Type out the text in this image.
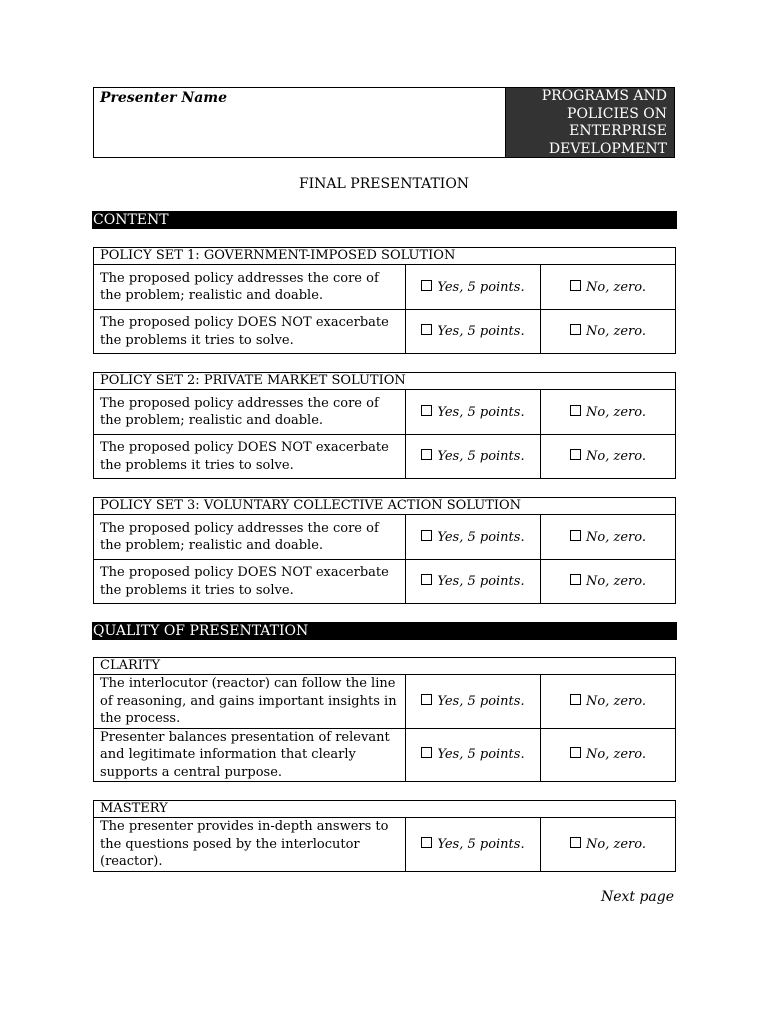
Presenter Name	PROGRAMS AND
POLICIES ON
ENTERPRISE
DEVELOPMENT
FINAL PRESENTATION
CONTENT
POLICY SET 1: GOVERNMENT-IMPOSED SOLUTION		
The proposed policy addresses the core of the problem; realistic and doable.	Yes, 5 points.	No, zero.
The proposed policy DOES NOT exacerbate the problems it tries to solve.	Yes, 5 points.	No, zero.
POLICY SET 2: PRIVATE MARKET SOLUTION		
The proposed policy addresses the core of the problem; realistic and doable.	Yes, 5 points.	No, zero.
The proposed policy DOES NOT exacerbate the problems it tries to solve.	Yes, 5 points.	No, zero.
POLICY SET 3: VOLUNTARY COLLECTIVE ACTION SOLUTION		
The proposed policy addresses the core of the problem; realistic and doable.	Yes, 5 points.	No, zero.
The proposed policy DOES NOT exacerbate the problems it tries to solve.	Yes, 5 points.	No, zero.
QUALITY OF PRESENTATION
CLARITY		
The interlocutor (reactor) can follow the line of reasoning, and gains important insights in the process.	Yes, 5 points.	No, zero.
Presenter balances presentation of relevant and legitimate information that clearly supports a central purpose.	Yes, 5 points.	No, zero.
MASTERY
The presenter provides in-depth answers to the questions posed by the interlocutor (reactor).	Yes, 5 points.	No, zero.
Next page
